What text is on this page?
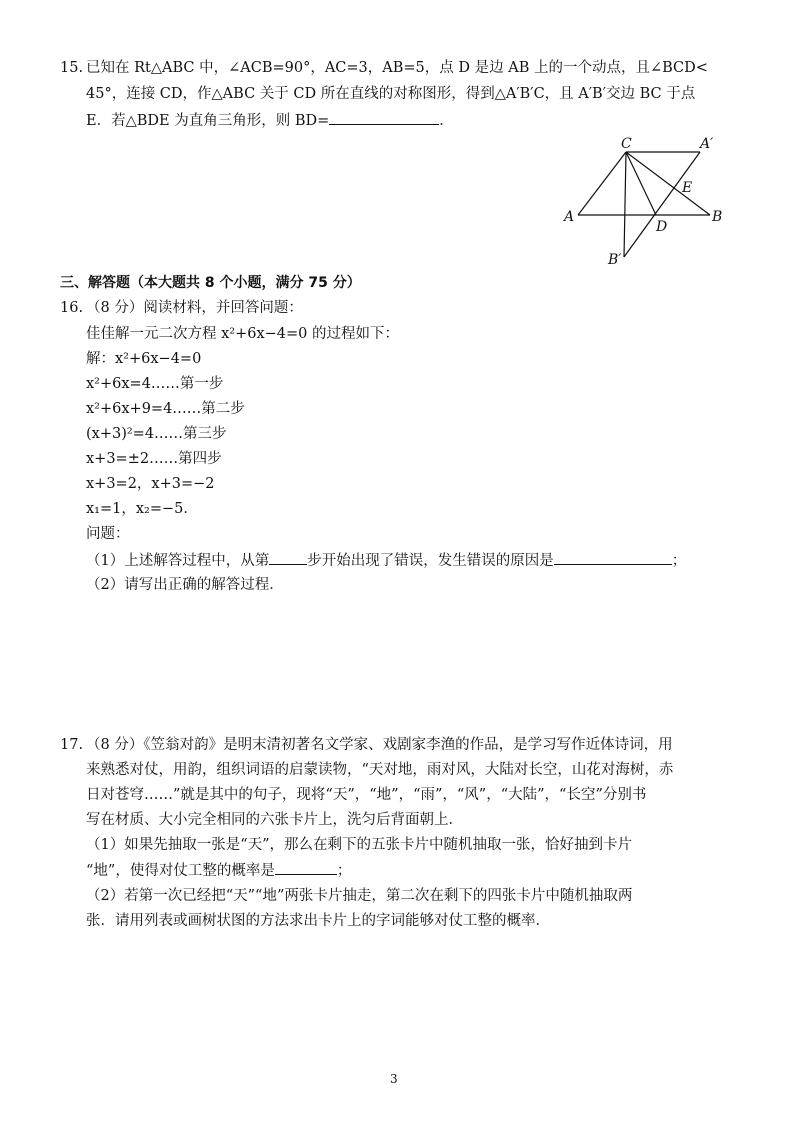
15. 已知在 Rt△ABC 中，∠ACB=90°，AC=3，AB=5，点 D 是边 AB 上的一个动点，且∠BCD<
45°，连接 CD，作△ABC 关于 CD 所在直线的对称图形，得到△A′B′C，且 A′B′交边 BC 于点
E．若△BDE 为直角三角形，则 BD=	．
C	A′
E
A
D
B
B′
三、解答题（本大题共 8 个小题，满分 75 分）
16. （8 分）阅读材料，并回答问题：
佳佳解一元二次方程 x²+6x−4=0 的过程如下：
解：x²+6x−4=0
x²+6x=4……第一步
x²+6x+9=4……第二步
(x+3)²=4……第三步
x+3=±2……第四步
x+3=2，x+3=−2
x₁=1，x₂=−5．
问题：
（1）上述解答过程中，从第	步开始出现了错误，发生错误的原因是	；
（2）请写出正确的解答过程．
17. （8 分）《笠翁对韵》是明末清初著名文学家、戏剧家李渔的作品，是学习写作近体诗词，用
来熟悉对仗，用韵，组织词语的启蒙读物，“天对地，雨对风，大陆对长空，山花对海树，赤
日对苍穹……”就是其中的句子，现将“天”，“地”，“雨”，“风”，“大陆”，“长空”分别书
写在材质、大小完全相同的六张卡片上，洗匀后背面朝上．
（1）如果先抽取一张是“天”，那么在剩下的五张卡片中随机抽取一张，恰好抽到卡片
“地”，使得对仗工整的概率是	；
（2）若第一次已经把“天”“地”两张卡片抽走，第二次在剩下的四张卡片中随机抽取两
张．请用列表或画树状图的方法求出卡片上的字词能够对仗工整的概率．
3
